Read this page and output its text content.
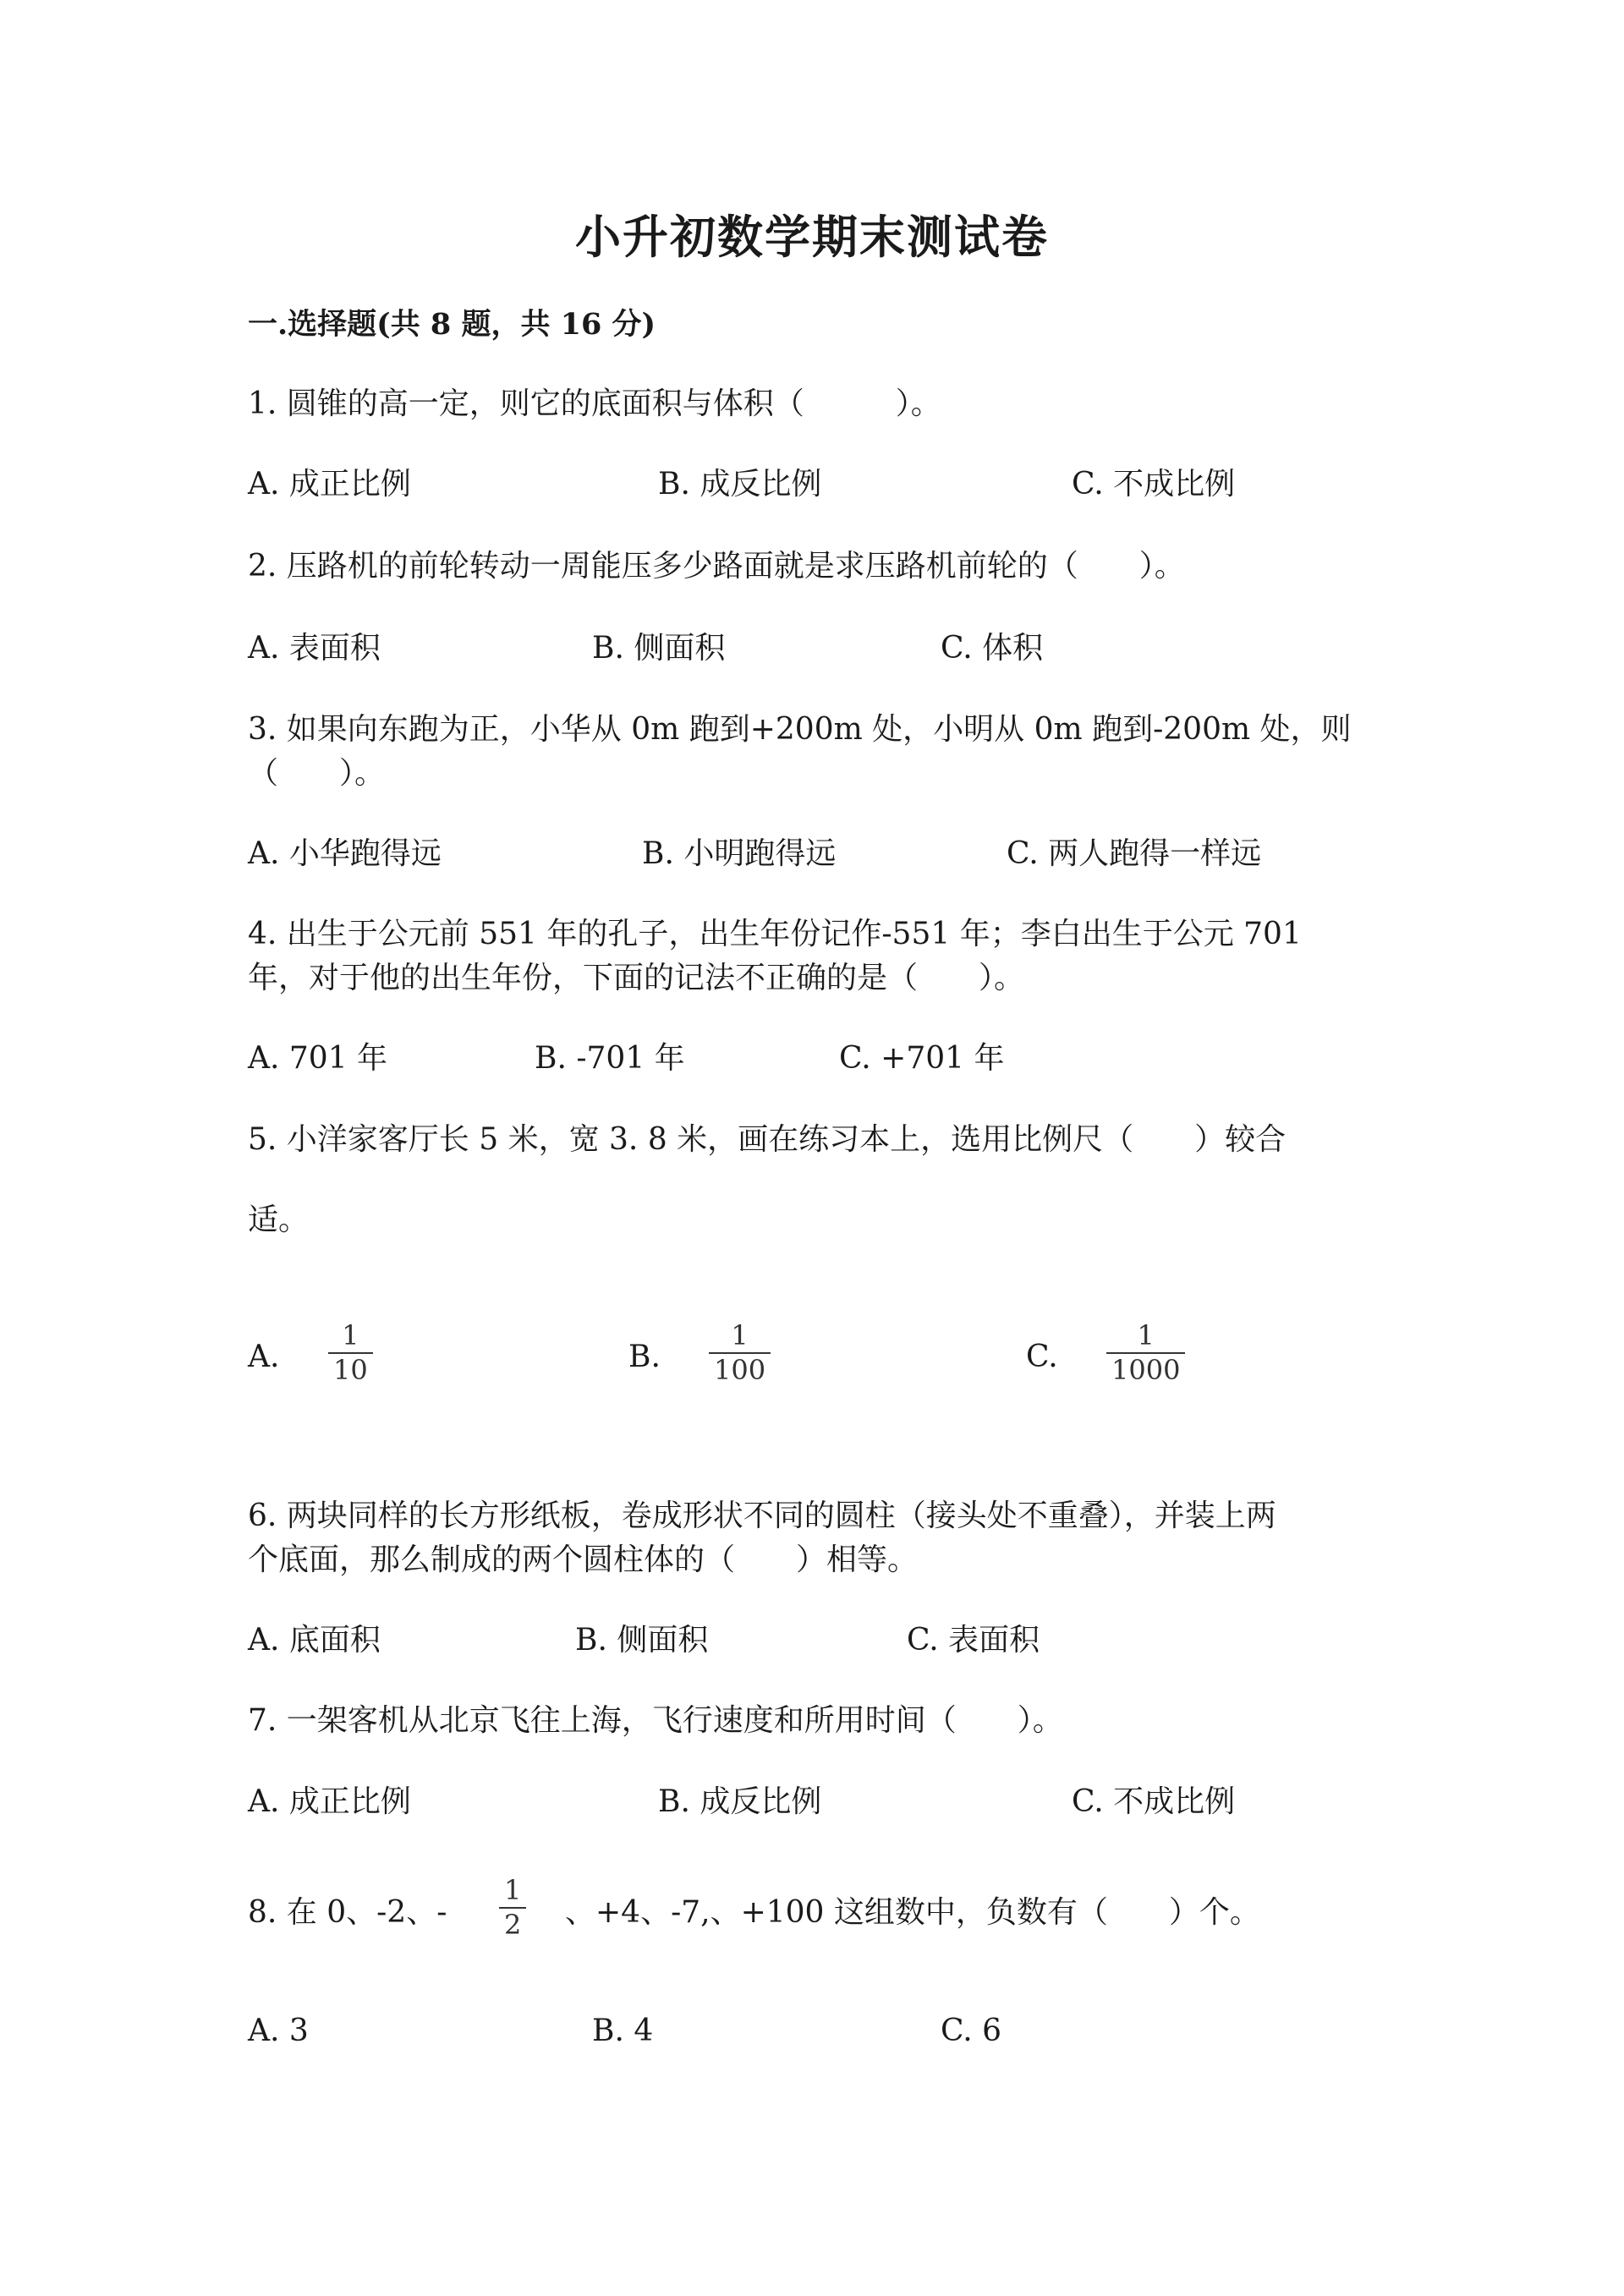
小升初数学期末测试卷
一.选择题(共 8 题，共 16 分)
1. 圆锥的高一定，则它的底面积与体积（　　　）。
A. 成正比例	B. 成反比例	C. 不成比例
2. 压路机的前轮转动一周能压多少路面就是求压路机前轮的（　　）。
A. 表面积	B. 侧面积	C. 体积
3. 如果向东跑为正，小华从 0m 跑到+200m 处，小明从 0m 跑到-200m 处，则
（　　）。
A. 小华跑得远	B. 小明跑得远	C. 两人跑得一样远
4. 出生于公元前 551 年的孔子，出生年份记作-551 年；李白出生于公元 701
年，对于他的出生年份，下面的记法不正确的是（　　）。
A. 701 年	B. -701 年	C. +701 年
5. 小洋家客厅长 5 米，宽 3. 8 米，画在练习本上，选用比例尺（　　）较合
适。
A.
1
10	B.
1
100	C.
1
1000
6. 两块同样的长方形纸板，卷成形状不同的圆柱（接头处不重叠），并装上两
个底面，那么制成的两个圆柱体的（　　）相等。
A. 底面积	B. 侧面积	C. 表面积
7. 一架客机从北京飞往上海，飞行速度和所用时间（　　）。
A. 成正比例	B. 成反比例	C. 不成比例
8. 在 0、-2、-
1
2 、+4、-7,、+100 这组数中，负数有（　　）个。
A. 3	B. 4	C. 6
